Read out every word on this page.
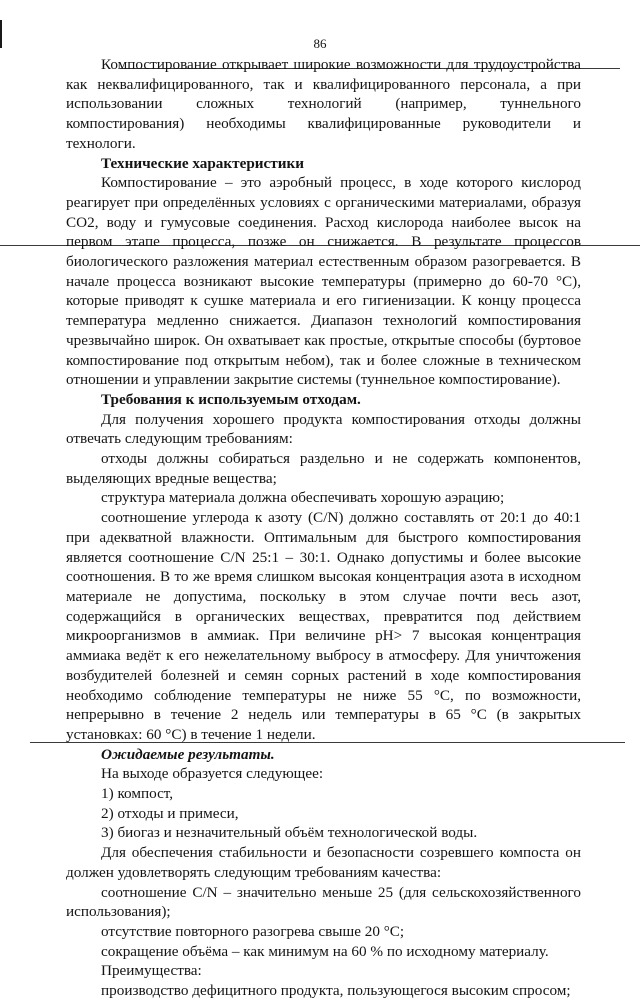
86

Компостирование открывает широкие возможности для трудоустройства как неквалифицированного, так и квалифицированного персонала, а при использовании сложных технологий (например, туннельного компостирования) необходимы квалифицированные руководители и технологи.

Технические характеристики

Компостирование – это аэробный процесс, в ходе которого кислород реагирует при определённых условиях с органическими материалами, образуя СО2, воду и гумусовые соединения. Расход кислорода наиболее высок на первом этапе процесса, позже он снижается. В результате процессов биологического разложения материал естественным образом разогревается. В начале процесса возникают высокие температуры (примерно до 60-70 °С), которые приводят к сушке материала и его гигиенизации. К концу процесса температура медленно снижается. Диапазон технологий компостирования чрезвычайно широк. Он охватывает как простые, открытые способы (буртовое компостирование под открытым небом), так и более сложные в техническом отношении и управлении закрытие системы (туннельное компостирование).

Требования к используемым отходам.

Для получения хорошего продукта компостирования отходы должны отвечать следующим требованиям:

отходы должны собираться раздельно и не содержать компонентов, выделяющих вредные вещества;

структура материала должна обеспечивать хорошую аэрацию;

соотношение углерода к азоту (C/N) должно составлять от 20:1 до 40:1 при адекватной влажности. Оптимальным для быстрого компостирования является соотношение C/N 25:1 – 30:1. Однако допустимы и более высокие соотношения. В то же время слишком высокая концентрация азота в исходном материале не допустима, поскольку в этом случае почти весь азот, содержащийся в органических веществах, превратится под действием микроорганизмов в аммиак. При величине pH> 7 высокая концентрация аммиака ведёт к его нежелательному выбросу в атмосферу. Для уничтожения возбудителей болезней и семян сорных растений в ходе компостирования необходимо соблюдение температуры не ниже 55 °С, по возможности, непрерывно в течение 2 недель или температуры в 65 °С (в закрытых установках: 60 °С) в течение 1 недели.

Ожидаемые результаты.

На выходе образуется следующее:

1) компост,

2) отходы и примеси,

3) биогаз и незначительный объём технологической воды.

Для обеспечения стабильности и безопасности созревшего компоста он должен удовлетворять следующим требованиям качества:

соотношение C/N – значительно меньше 25 (для сельскохозяйственного использования);

отсутствие повторного разогрева свыше 20 °С;

сокращение объёма – как минимум на 60 % по исходному материалу.

Преимущества:

производство дефицитного продукта, пользующегося высоким спросом;
